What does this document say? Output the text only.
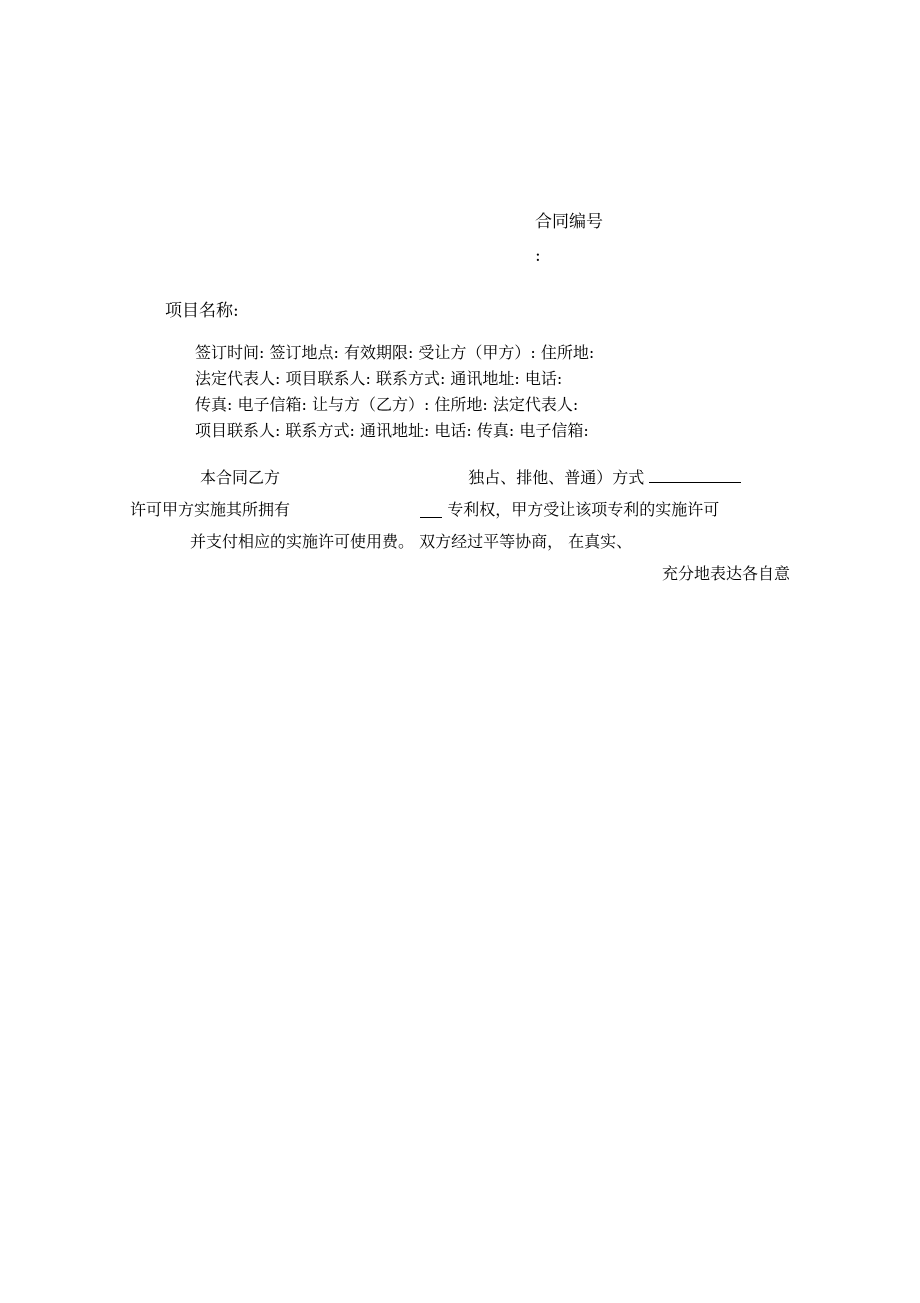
合同编号
:
项目名称:
签订时间: 签订地点: 有效期限: 受让方（甲方）: 住所地:
法定代表人: 项目联系人: 联系方式: 通讯地址: 电话:
传真: 电子信箱: 让与方（乙方）: 住所地: 法定代表人:
项目联系人: 联系方式: 通讯地址: 电话: 传真: 电子信箱:
本合同乙方	独占、排他、普通）方式
许可甲方实施其所拥有	专利权，甲方受让该项专利的实施许可
并支付相应的实施许可使用费。 双方经过平等协商， 在真实、
充分地表达各自意
